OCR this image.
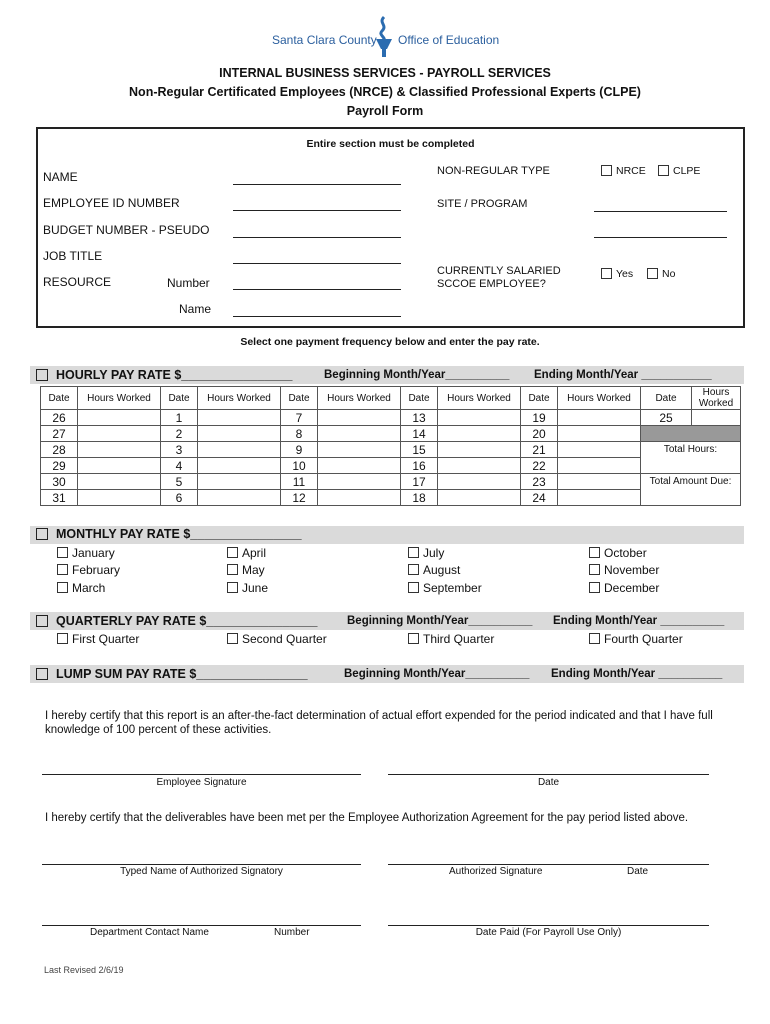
Santa Clara County Office of Education
INTERNAL BUSINESS SERVICES - PAYROLL SERVICES
Non-Regular Certificated Employees (NRCE) & Classified Professional Experts (CLPE)
Payroll Form
Entire section must be completed
NAME
EMPLOYEE ID NUMBER
BUDGET NUMBER - PSEUDO
JOB TITLE
RESOURCE	Number
Name
NON-REGULAR TYPE	NRCE	CLPE
SITE / PROGRAM
CURRENTLY SALARIED
SCCOE EMPLOYEE?
Yes	No
Select one payment frequency below and enter the pay rate.
HOURLY PAY RATE $________________	Beginning Month/Year__________ Ending Month/Year ___________
Date	Hours Worked	Date	Hours Worked	Date	Hours Worked	Date	Hours Worked	Date	Hours Worked	Date	Hours Worked
26		1		7		13		19		25	
27		2		8		14		20			
28		3		9		15		21		Total Hours:	
29		4		10		16		22			
30		5		11		17		23		Total Amount Due:	
31		6		12		18		24			
MONTHLY PAY RATE $________________
January	April	July	October
February	May	August	November
March	June	September	December
QUARTERLY PAY RATE $________________	Beginning Month/Year__________ Ending Month/Year __________
First Quarter	Second Quarter	Third Quarter	Fourth Quarter
LUMP SUM PAY RATE $________________	Beginning Month/Year__________ Ending Month/Year __________
I hereby certify that this report is an after-the-fact determination of actual effort expended for the period indicated and that I have full knowledge of 100 percent of these activities.
Employee Signature	Date
I hereby certify that the deliverables have been met per the Employee Authorization Agreement for the pay period listed above.
Typed Name of Authorized Signatory	Authorized Signature	Date
Department Contact Name	Number	Date Paid (For Payroll Use Only)
Last Revised 2/6/19
